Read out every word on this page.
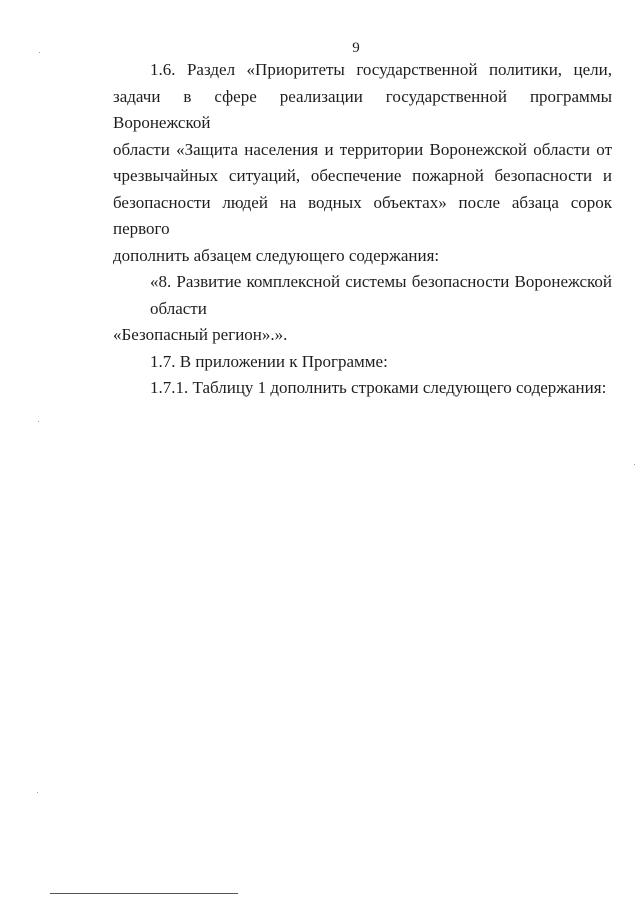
9

1.6. Раздел «Приоритеты государственной политики, цели,
задачи в сфере реализации государственной программы Воронежской
области «Защита населения и территории Воронежской области от
чрезвычайных ситуаций, обеспечение пожарной безопасности и
безопасности людей на водных объектах» после абзаца сорок первого
дополнить абзацем следующего содержания:

«8. Развитие комплексной системы безопасности Воронежской области
«Безопасный регион».».

1.7. В приложении к Программе:

1.7.1. Таблицу 1 дополнить строками следующего содержания:
